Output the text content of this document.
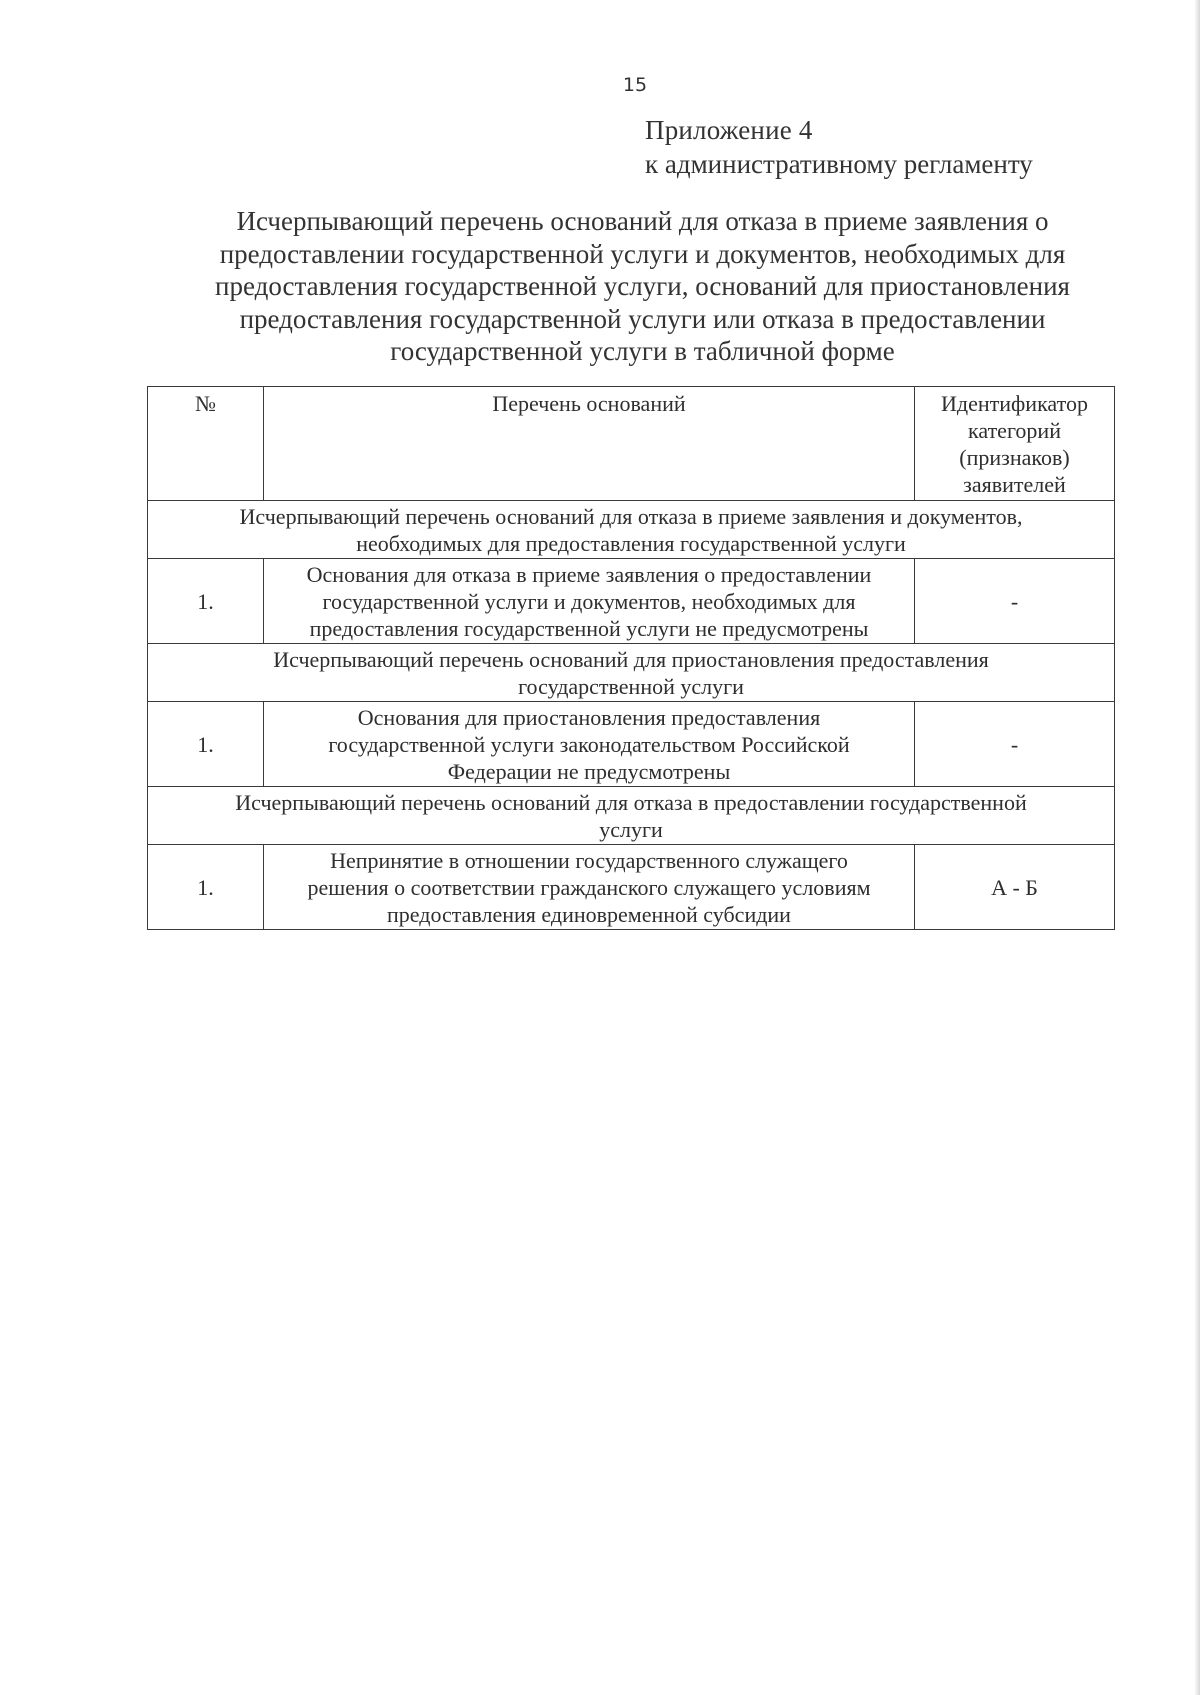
15
Приложение 4
к административному регламенту
Исчерпывающий перечень оснований для отказа в приеме заявления о
предоставлении государственной услуги и документов, необходимых для
предоставления государственной услуги, оснований для приостановления
предоставления государственной услуги или отказа в предоставлении
государственной услуги в табличной форме
№	Перечень оснований	Идентификатор
категорий
(признаков)
заявителей

Исчерпывающий перечень оснований для отказа в приеме заявления и документов,
необходимых для предоставления государственной услуги		

1.	Основания для отказа в приеме заявления о предоставлении
государственной услуги и документов, необходимых для
предоставления государственной услуги не предусмотрены	-

Исчерпывающий перечень оснований для приостановления предоставления
государственной услуги		

1.	Основания для приостановления предоставления
государственной услуги законодательством Российской
Федерации не предусмотрены	-

Исчерпывающий перечень оснований для отказа в предоставлении государственной
услуги		

1.	Непринятие в отношении государственного служащего
решения о соответствии гражданского служащего условиям
предоставления единовременной субсидии	А - Б
